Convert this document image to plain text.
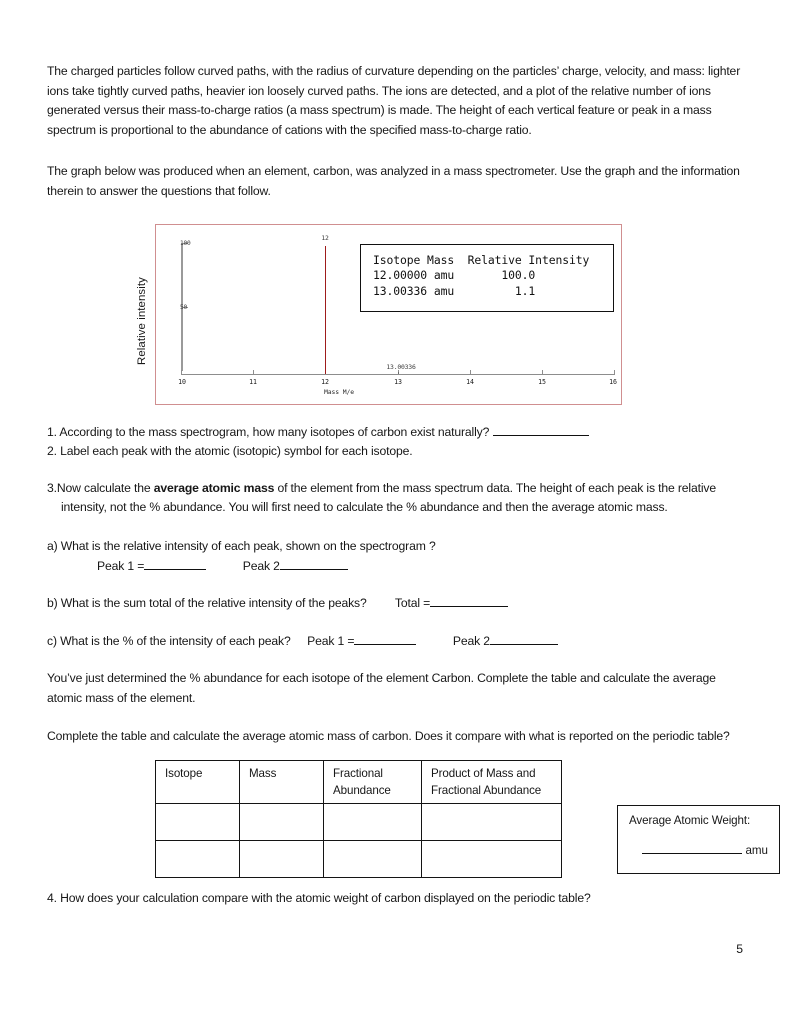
The charged particles follow curved paths, with the radius of curvature depending on the particles’ charge, velocity, and mass: lighter ions take tightly curved paths, heavier ion loosely curved paths. The ions are detected, and a plot of the relative number of ions generated versus their mass-to-charge ratios (a mass spectrum) is made. The height of each vertical feature or peak in a mass spectrum is proportional to the abundance of cations with the specified mass-to-charge ratio.

The graph below was produced when an element, carbon, was analyzed in a mass spectrometer. Use the graph and the information therein to answer the questions that follow.

Relative intensity
100
50
10	11	12	13	14	15	16
12
13.00336
Mass M/e
Isotope Mass  Relative Intensity
12.00000 amu       100.0
13.00336 amu         1.1

1. According to the mass spectrogram, how many isotopes of carbon exist naturally?

2. Label each peak with the atomic (isotopic) symbol for each isotope.

3.Now calculate the average atomic mass of the element from the mass spectrum data. The height of each peak is the relative intensity, not the % abundance. You will first need to calculate the % abundance and then the average atomic mass.

a) What is the relative intensity of each peak, shown on the spectrogram ?

Peak 1 =	Peak 2

b) What is the sum total of the relative intensity of the peaks? Total =

c) What is the % of the intensity of each peak? Peak 1 =	Peak 2

You’ve just determined the % abundance for each isotope of the element Carbon. Complete the table and calculate the average atomic mass of the element.

Complete the table and calculate the average atomic mass of carbon. Does it compare with what is reported on the periodic table?

Isotope	Mass	Fractional Abundance	Product of Mass and Fractional Abundance

Average Atomic Weight:
amu

4. How does your calculation compare with the atomic weight of carbon displayed on the periodic table?

5
